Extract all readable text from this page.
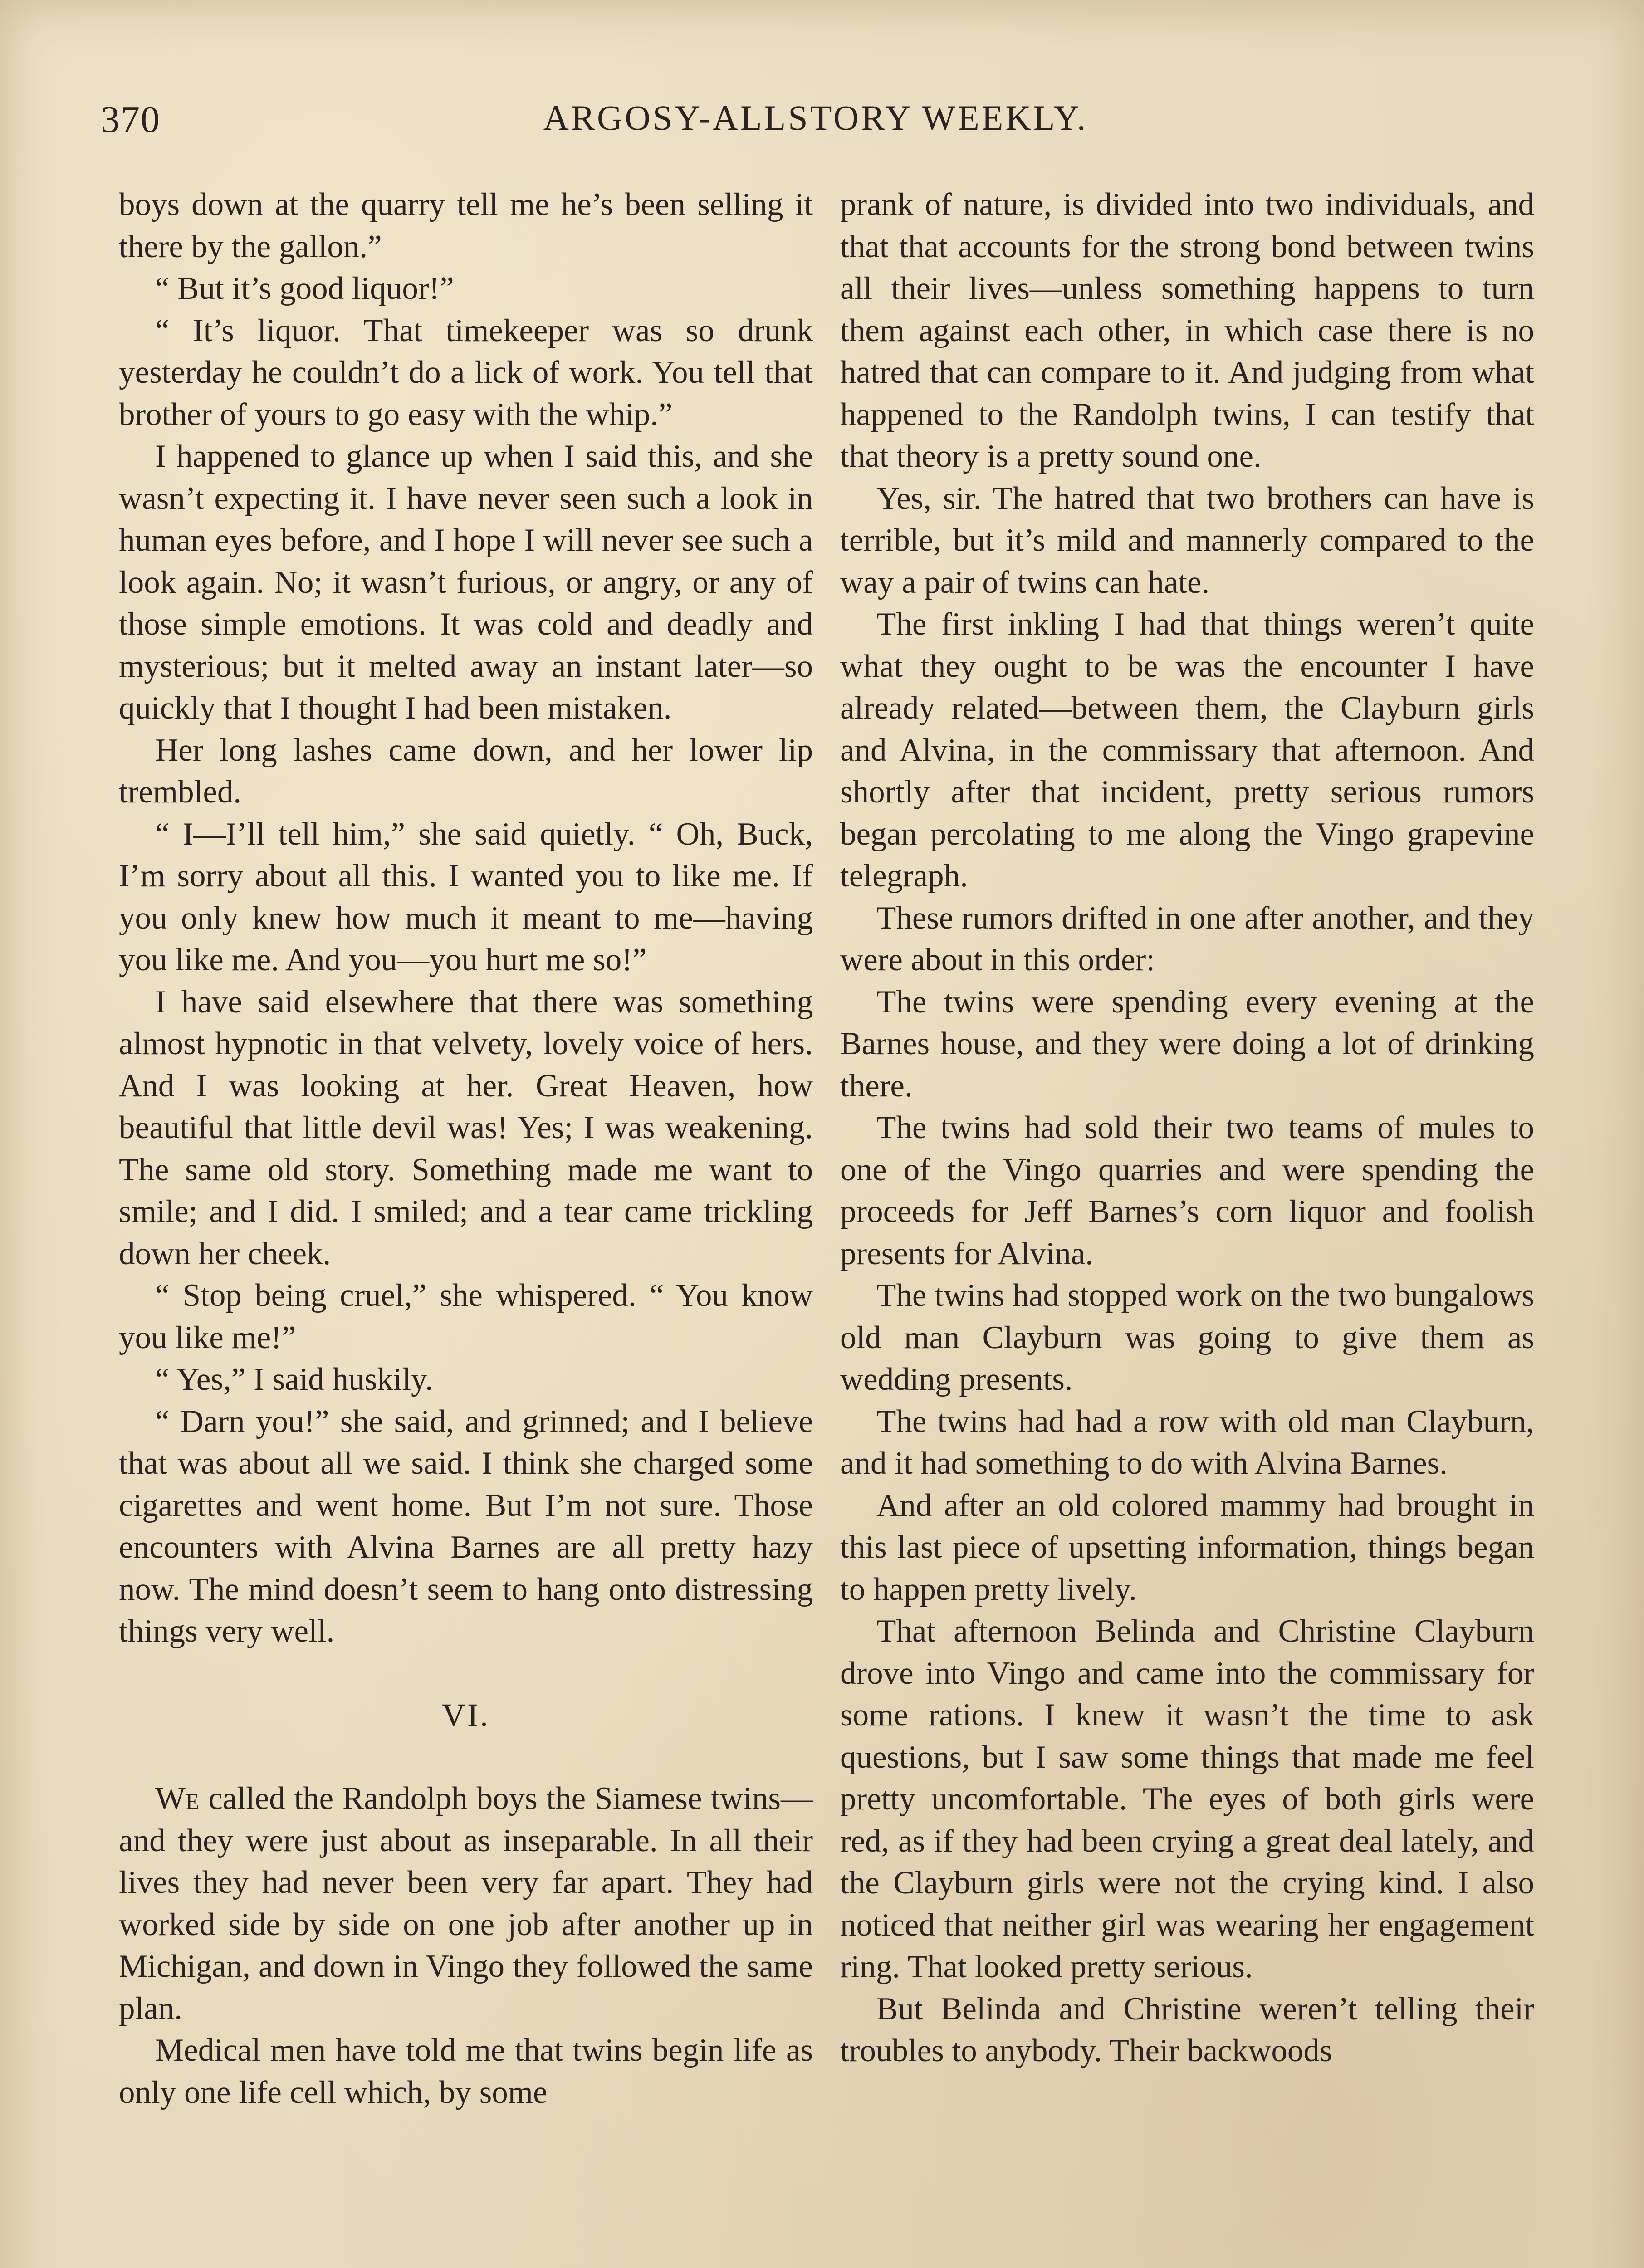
370	ARGOSY-ALLSTORY WEEKLY.

boys down at the quarry tell me he’s been selling it there by the gallon.”

“ But it’s good liquor!”

“ It’s liquor. That timekeeper was so drunk yesterday he couldn’t do a lick of work. You tell that brother of yours to go easy with the whip.”

I happened to glance up when I said this, and she wasn’t expecting it. I have never seen such a look in human eyes before, and I hope I will never see such a look again. No; it wasn’t furious, or angry, or any of those simple emotions. It was cold and deadly and mysterious; but it melted away an instant later—so quickly that I thought I had been mistaken.

Her long lashes came down, and her lower lip trembled.

“ I—I’ll tell him,” she said quietly. “ Oh, Buck, I’m sorry about all this. I wanted you to like me. If you only knew how much it meant to me—having you like me. And you—you hurt me so!”

I have said elsewhere that there was something almost hypnotic in that velvety, lovely voice of hers. And I was looking at her. Great Heaven, how beautiful that little devil was! Yes; I was weakening. The same old story. Something made me want to smile; and I did. I smiled; and a tear came trickling down her cheek.

“ Stop being cruel,” she whispered. “ You know you like me!”

“ Yes,” I said huskily.

“ Darn you!” she said, and grinned; and I believe that was about all we said. I think she charged some cigarettes and went home. But I’m not sure. Those encounters with Alvina Barnes are all pretty hazy now. The mind doesn’t seem to hang onto distressing things very well.

VI.

We called the Randolph boys the Siamese twins—and they were just about as inseparable. In all their lives they had never been very far apart. They had worked side by side on one job after another up in Michigan, and down in Vingo they followed the same plan.

Medical men have told me that twins begin life as only one life cell which, by some

prank of nature, is divided into two individuals, and that that accounts for the strong bond between twins all their lives—unless something happens to turn them against each other, in which case there is no hatred that can compare to it. And judging from what happened to the Randolph twins, I can testify that that theory is a pretty sound one.

Yes, sir. The hatred that two brothers can have is terrible, but it’s mild and mannerly compared to the way a pair of twins can hate.

The first inkling I had that things weren’t quite what they ought to be was the encounter I have already related—between them, the Clayburn girls and Alvina, in the commissary that afternoon. And shortly after that incident, pretty serious rumors began percolating to me along the Vingo grapevine telegraph.

These rumors drifted in one after another, and they were about in this order:

The twins were spending every evening at the Barnes house, and they were doing a lot of drinking there.

The twins had sold their two teams of mules to one of the Vingo quarries and were spending the proceeds for Jeff Barnes’s corn liquor and foolish presents for Alvina.

The twins had stopped work on the two bungalows old man Clayburn was going to give them as wedding presents.

The twins had had a row with old man Clayburn, and it had something to do with Alvina Barnes.

And after an old colored mammy had brought in this last piece of upsetting information, things began to happen pretty lively.

That afternoon Belinda and Christine Clayburn drove into Vingo and came into the commissary for some rations. I knew it wasn’t the time to ask questions, but I saw some things that made me feel pretty uncomfortable. The eyes of both girls were red, as if they had been crying a great deal lately, and the Clayburn girls were not the crying kind. I also noticed that neither girl was wearing her engagement ring. That looked pretty serious.

But Belinda and Christine weren’t telling their troubles to anybody. Their backwoods
